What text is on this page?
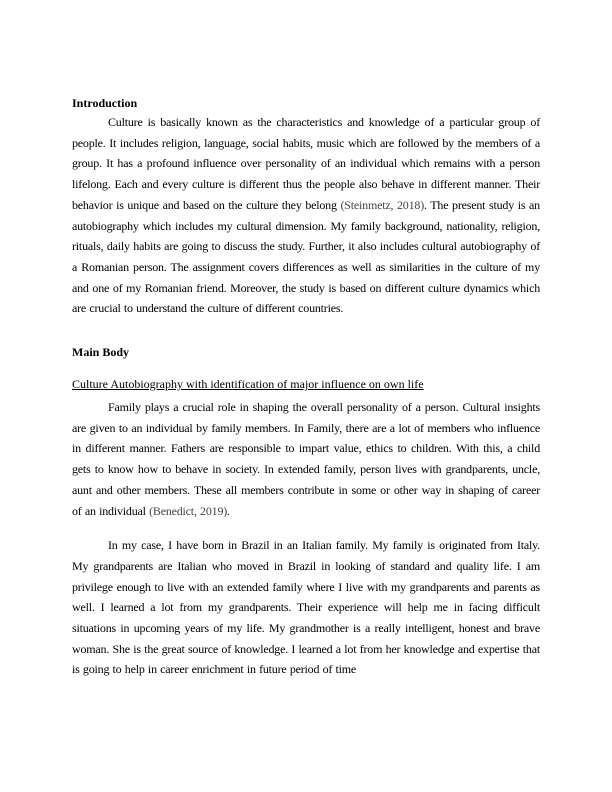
Introduction

Culture is basically known as the characteristics and knowledge of a particular group of people. It includes religion, language, social habits, music which are followed by the members of a group. It has a profound influence over personality of an individual which remains with a person lifelong. Each and every culture is different thus the people also behave in different manner. Their behavior is unique and based on the culture they belong (Steinmetz, 2018). The present study is an autobiography which includes my cultural dimension. My family background, nationality, religion, rituals, daily habits are going to discuss the study. Further, it also includes cultural autobiography of a Romanian person. The assignment covers differences as well as similarities in the culture of my and one of my Romanian friend. Moreover, the study is based on different culture dynamics which are crucial to understand the culture of different countries.

Main Body

Culture Autobiography with identification of major influence on own life

Family plays a crucial role in shaping the overall personality of a person. Cultural insights are given to an individual by family members. In Family, there are a lot of members who influence in different manner. Fathers are responsible to impart value, ethics to children. With this, a child gets to know how to behave in society. In extended family, person lives with grandparents, uncle, aunt and other members. These all members contribute in some or other way in shaping of career of an individual (Benedict, 2019).

In my case, I have born in Brazil in an Italian family. My family is originated from Italy. My grandparents are Italian who moved in Brazil in looking of standard and quality life. I am privilege enough to live with an extended family where I live with my grandparents and parents as well. I learned a lot from my grandparents. Their experience will help me in facing difficult situations in upcoming years of my life. My grandmother is a really intelligent, honest and brave woman. She is the great source of knowledge. I learned a lot from her knowledge and expertise that is going to help in career enrichment in future period of time
